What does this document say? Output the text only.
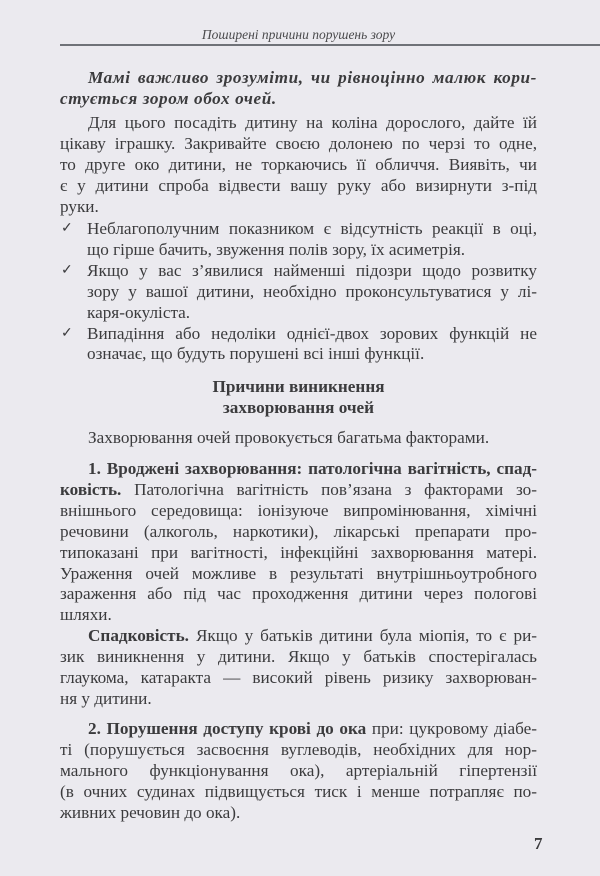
Поширені причини порушень зору
Мамі важливо зрозуміти, чи рівноцінно малюк кори-
стується зором обох очей.
Для цього посадіть дитину на коліна дорослого, дайте їй
цікаву іграшку. Закривайте своєю долонею по черзі то одне,
то друге око дитини, не торкаючись її обличчя. Виявіть, чи
є у дитини спроба відвести вашу руку або визирнути з-під
руки.
✓ Неблагополучним показником є відсутність реакції в оці,
що гірше бачить, звуження полів зору, їх асиметрія.
✓ Якщо у вас з’явилися найменші підозри щодо розвитку
зору у вашої дитини, необхідно проконсультуватися у лі-
каря-окуліста.
✓ Випадіння або недоліки однієї-двох зорових функцій не
означає, що будуть порушені всі інші функції.
Причини виникнення
захворювання очей
Захворювання очей провокується багатьма факторами.
1. Вроджені захворювання: патологічна вагітність, спад-
ковість. Патологічна вагітність пов’язана з факторами зо-
внішнього середовища: іонізуюче випромінювання, хімічні
речовини (алкоголь, наркотики), лікарські препарати про-
типоказані при вагітності, інфекційні захворювання матері.
Ураження очей можливе в результаті внутрішньоутробного
зараження або під час проходження дитини через пологові
шляхи.
Спадковість. Якщо у батьків дитини була міопія, то є ри-
зик виникнення у дитини. Якщо у батьків спостерігалась
глаукома, катаракта — високий рівень ризику захворюван-
ня у дитини.
2. Порушення доступу крові до ока при: цукровому діабе-
ті (порушується засвоєння вуглеводів, необхідних для нор-
мального функціонування ока), артеріальній гіпертензії
(в очних судинах підвищується тиск і менше потрапляє по-
живних речовин до ока).
7
